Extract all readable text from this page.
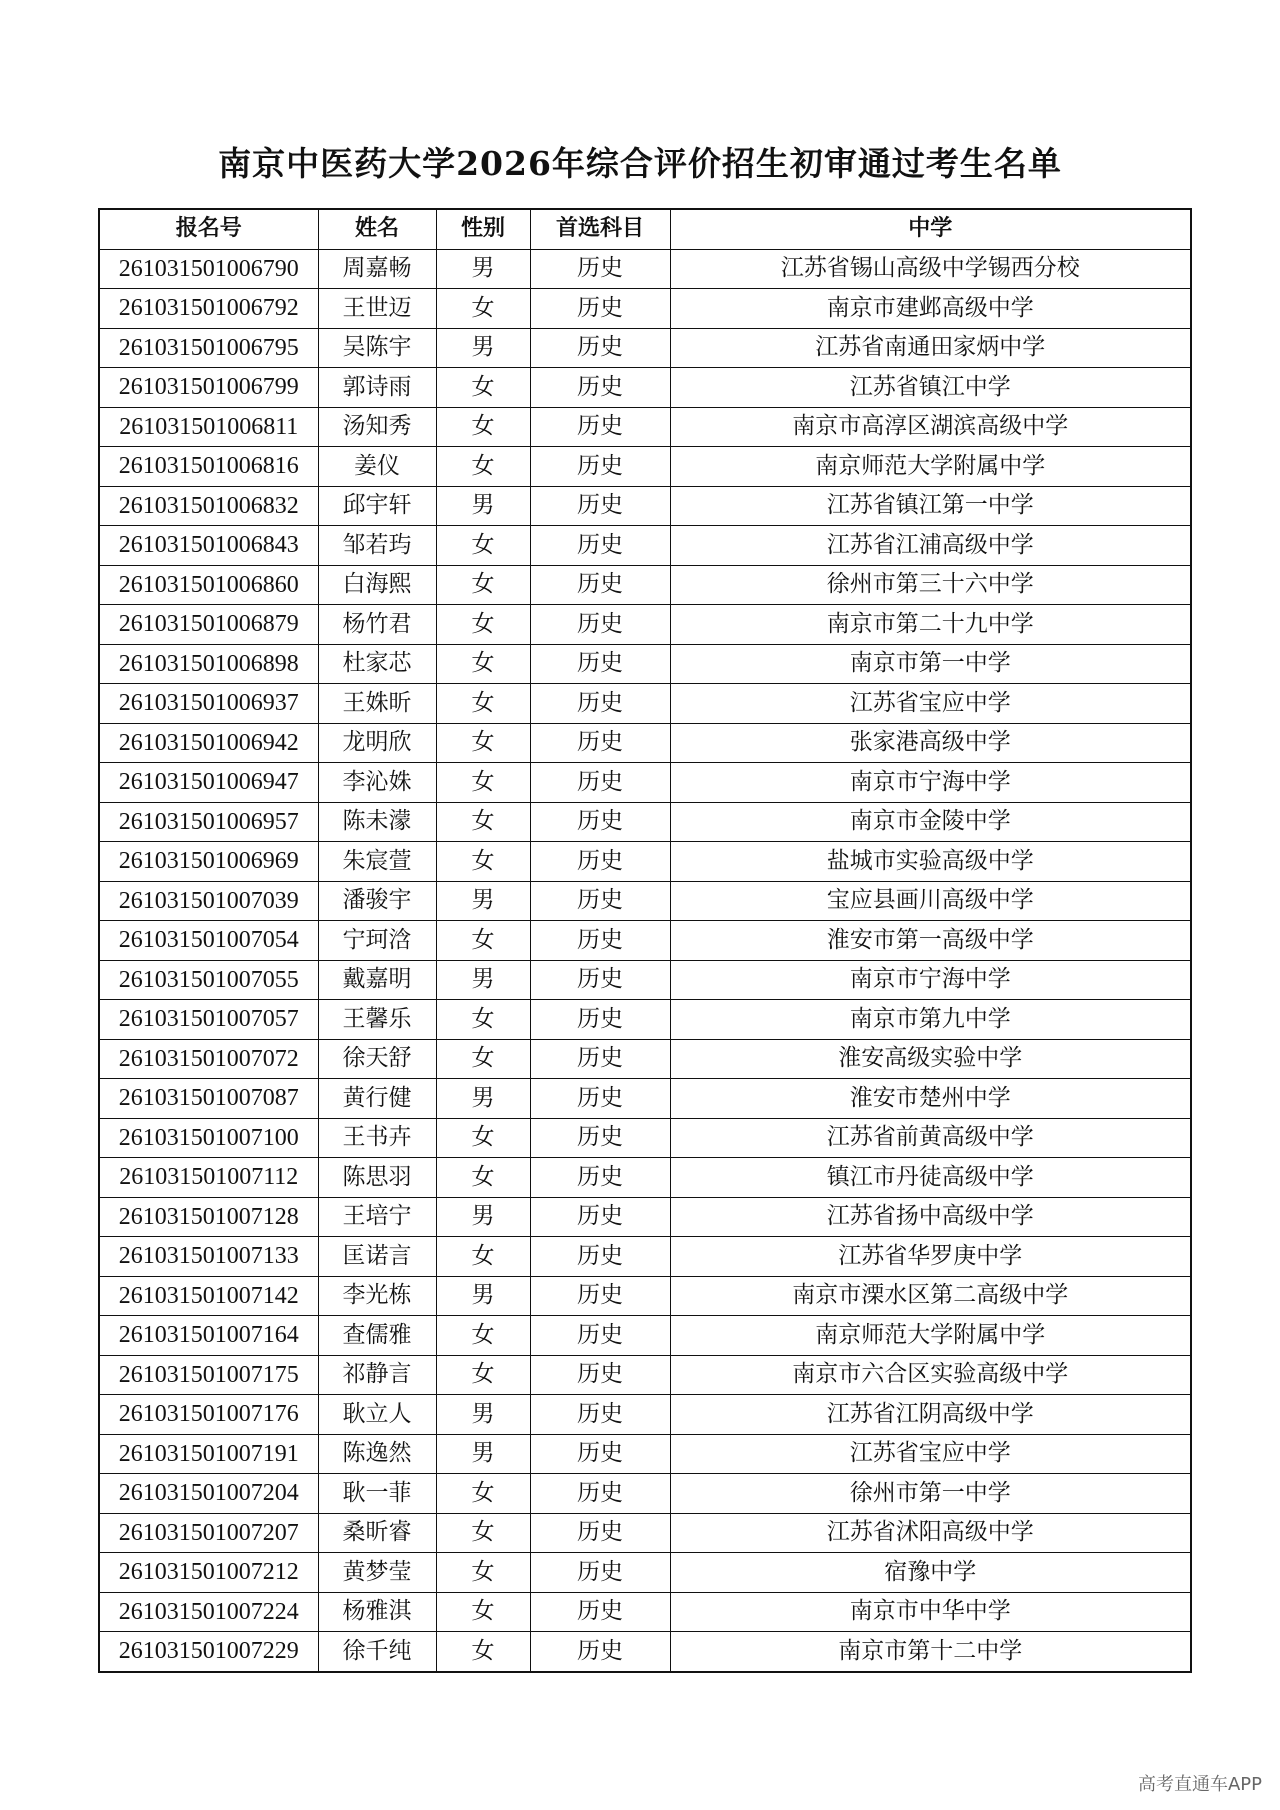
南京中医药大学2026年综合评价招生初审通过考生名单
报名号	姓名	性别	首选科目	中学
261031501006790	周嘉畅	男	历史	江苏省锡山高级中学锡西分校
261031501006792	王世迈	女	历史	南京市建邺高级中学
261031501006795	吴陈宇	男	历史	江苏省南通田家炳中学
261031501006799	郭诗雨	女	历史	江苏省镇江中学
261031501006811	汤知秀	女	历史	南京市高淳区湖滨高级中学
261031501006816	姜仪	女	历史	南京师范大学附属中学
261031501006832	邱宇轩	男	历史	江苏省镇江第一中学
261031501006843	邹若玙	女	历史	江苏省江浦高级中学
261031501006860	白海熙	女	历史	徐州市第三十六中学
261031501006879	杨竹君	女	历史	南京市第二十九中学
261031501006898	杜家芯	女	历史	南京市第一中学
261031501006937	王姝昕	女	历史	江苏省宝应中学
261031501006942	龙明欣	女	历史	张家港高级中学
261031501006947	李沁姝	女	历史	南京市宁海中学
261031501006957	陈未濛	女	历史	南京市金陵中学
261031501006969	朱宸萱	女	历史	盐城市实验高级中学
261031501007039	潘骏宇	男	历史	宝应县画川高级中学
261031501007054	宁珂浛	女	历史	淮安市第一高级中学
261031501007055	戴嘉明	男	历史	南京市宁海中学
261031501007057	王馨乐	女	历史	南京市第九中学
261031501007072	徐天舒	女	历史	淮安高级实验中学
261031501007087	黄行健	男	历史	淮安市楚州中学
261031501007100	王书卉	女	历史	江苏省前黄高级中学
261031501007112	陈思羽	女	历史	镇江市丹徒高级中学
261031501007128	王培宁	男	历史	江苏省扬中高级中学
261031501007133	匡诺言	女	历史	江苏省华罗庚中学
261031501007142	李光栋	男	历史	南京市溧水区第二高级中学
261031501007164	查儒雅	女	历史	南京师范大学附属中学
261031501007175	祁静言	女	历史	南京市六合区实验高级中学
261031501007176	耿立人	男	历史	江苏省江阴高级中学
261031501007191	陈逸然	男	历史	江苏省宝应中学
261031501007204	耿一菲	女	历史	徐州市第一中学
261031501007207	桑昕睿	女	历史	江苏省沭阳高级中学
261031501007212	黄梦莹	女	历史	宿豫中学
261031501007224	杨雅淇	女	历史	南京市中华中学
261031501007229	徐千纯	女	历史	南京市第十二中学
高考直通车APP
